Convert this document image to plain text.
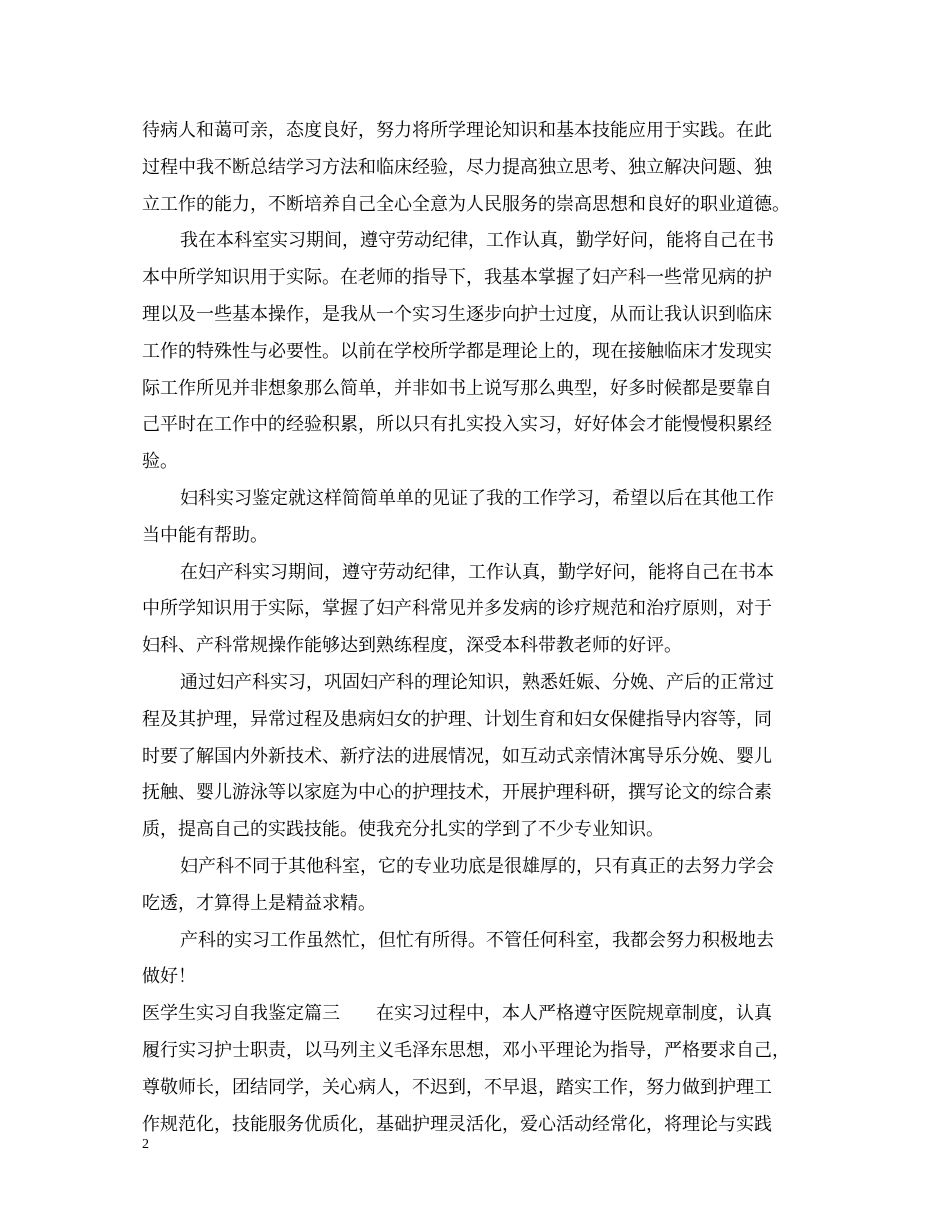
待病人和蔼可亲，态度良好，努力将所学理论知识和基本技能应用于实践。在此
过程中我不断总结学习方法和临床经验，尽力提高独立思考、独立解决问题、独
立工作的能力，不断培养自己全心全意为人民服务的崇高思想和良好的职业道德。
我在本科室实习期间，遵守劳动纪律，工作认真，勤学好问，能将自己在书
本中所学知识用于实际。在老师的指导下，我基本掌握了妇产科一些常见病的护
理以及一些基本操作，是我从一个实习生逐步向护士过度，从而让我认识到临床
工作的特殊性与必要性。以前在学校所学都是理论上的，现在接触临床才发现实
际工作所见并非想象那么简单，并非如书上说写那么典型，好多时候都是要靠自
己平时在工作中的经验积累，所以只有扎实投入实习，好好体会才能慢慢积累经
验。
妇科实习鉴定就这样简简单单的见证了我的工作学习，希望以后在其他工作
当中能有帮助。
在妇产科实习期间，遵守劳动纪律，工作认真，勤学好问，能将自己在书本
中所学知识用于实际，掌握了妇产科常见并多发病的诊疗规范和治疗原则，对于
妇科、产科常规操作能够达到熟练程度，深受本科带教老师的好评。
通过妇产科实习，巩固妇产科的理论知识，熟悉妊娠、分娩、产后的正常过
程及其护理，异常过程及患病妇女的护理、计划生育和妇女保健指导内容等，同
时要了解国内外新技术、新疗法的进展情况，如互动式亲情沐寓导乐分娩、婴儿
抚触、婴儿游泳等以家庭为中心的护理技术，开展护理科研，撰写论文的综合素
质，提高自己的实践技能。使我充分扎实的学到了不少专业知识。
妇产科不同于其他科室，它的专业功底是很雄厚的，只有真正的去努力学会
吃透，才算得上是精益求精。
产科的实习工作虽然忙，但忙有所得。不管任何科室，我都会努力积极地去
做好！
医学生实习自我鉴定篇三　　在实习过程中，本人严格遵守医院规章制度，认真
履行实习护士职责，以马列主义毛泽东思想，邓小平理论为指导，严格要求自己，
尊敬师长，团结同学，关心病人，不迟到，不早退，踏实工作，努力做到护理工
作规范化，技能服务优质化，基础护理灵活化，爱心活动经常化，将理论与实践
2
